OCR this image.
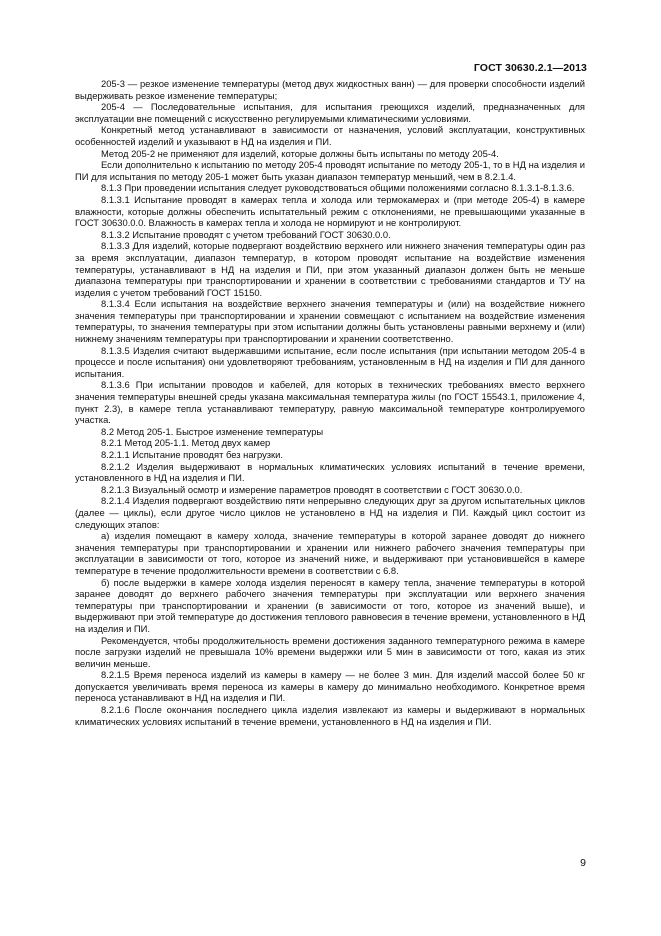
ГОСТ 30630.2.1—2013

205-3 — резкое изменение температуры (метод двух жидкостных ванн) — для проверки способности изделий выдерживать резкое изменение температуры;

205-4 — Последовательные испытания, для испытания греющихся изделий, предназначенных для эксплуатации вне помещений с искусственно регулируемыми климатическими условиями.

Конкретный метод устанавливают в зависимости от назначения, условий эксплуатации, конструктивных особенностей изделий и указывают в НД на изделия и ПИ.

Метод 205-2 не применяют для изделий, которые должны быть испытаны по методу 205-4.

Если дополнительно к испытанию по методу 205-4 проводят испытание по методу 205-1, то в НД на изделия и ПИ для испытания по методу 205-1 может быть указан диапазон температур меньший, чем в 8.2.1.4.

8.1.3 При проведении испытания следует руководствоваться общими положениями согласно 8.1.3.1-8.1.3.6.

8.1.3.1 Испытание проводят в камерах тепла и холода или термокамерах и (при методе 205-4) в камере влажности, которые должны обеспечить испытательный режим с отклонениями, не превышающими указанные в ГОСТ 30630.0.0. Влажность в камерах тепла и холода не нормируют и не контролируют.

8.1.3.2 Испытание проводят с учетом требований ГОСТ 30630.0.0.

8.1.3.3 Для изделий, которые подвергают воздействию верхнего или нижнего значения температуры один раз за время эксплуатации, диапазон температур, в котором проводят испытание на воздействие изменения температуры, устанавливают в НД на изделия и ПИ, при этом указанный диапазон должен быть не меньше диапазона температуры при транспортировании и хранении в соответствии с требованиями стандартов и ТУ на изделия с учетом требований ГОСТ 15150.

8.1.3.4 Если испытания на воздействие верхнего значения температуры и (или) на воздействие нижнего значения температуры при транспортировании и хранении совмещают с испытанием на воздействие изменения температуры, то значения температуры при этом испытании должны быть установлены равными верхнему и (или) нижнему значениям температуры при транспортировании и хранении соответственно.

8.1.3.5 Изделия считают выдержавшими испытание, если после испытания (при испытании методом 205-4 в процессе и после испытания) они удовлетворяют требованиям, установленным в НД на изделия и ПИ для данного испытания.

8.1.3.6 При испытании проводов и кабелей, для которых в технических требованиях вместо верхнего значения температуры внешней среды указана максимальная температура жилы (по ГОСТ 15543.1, приложение 4, пункт 2.3), в камере тепла устанавливают температуру, равную максимальной температуре контролируемого участка.

8.2 Метод 205-1. Быстрое изменение температуры

8.2.1 Метод 205-1.1. Метод двух камер

8.2.1.1 Испытание проводят без нагрузки.

8.2.1.2 Изделия выдерживают в нормальных климатических условиях испытаний в течение времени, установленного в НД на изделия и ПИ.

8.2.1.3 Визуальный осмотр и измерение параметров проводят в соответствии с ГОСТ 30630.0.0.

8.2.1.4 Изделия подвергают воздействию пяти непрерывно следующих друг за другом испытательных циклов (далее — циклы), если другое число циклов не установлено в НД на изделия и ПИ. Каждый цикл состоит из следующих этапов:

а) изделия помещают в камеру холода, значение температуры в которой заранее доводят до нижнего значения температуры при транспортировании и хранении или нижнего рабочего значения температуры при эксплуатации в зависимости от того, которое из значений ниже, и выдерживают при установившейся в камере температуре в течение продолжительности времени в соответствии с 6.8.

б) после выдержки в камере холода изделия переносят в камеру тепла, значение температуры в которой заранее доводят до верхнего рабочего значения температуры при эксплуатации или верхнего значения температуры при транспортировании и хранении (в зависимости от того, которое из значений выше), и выдерживают при этой температуре до достижения теплового равновесия в течение времени, установленного в НД на изделия и ПИ.

Рекомендуется, чтобы продолжительность времени достижения заданного температурного режима в камере после загрузки изделий не превышала 10% времени выдержки или 5 мин в зависимости от того, какая из этих величин меньше.

8.2.1.5 Время переноса изделий из камеры в камеру — не более 3 мин. Для изделий массой более 50 кг допускается увеличивать время переноса из камеры в камеру до минимально необходимого. Конкретное время переноса устанавливают в НД на изделия и ПИ.

8.2.1.6 После окончания последнего цикла изделия извлекают из камеры и выдерживают в нормальных климатических условиях испытаний в течение времени, установленного в НД на изделия и ПИ.

9
